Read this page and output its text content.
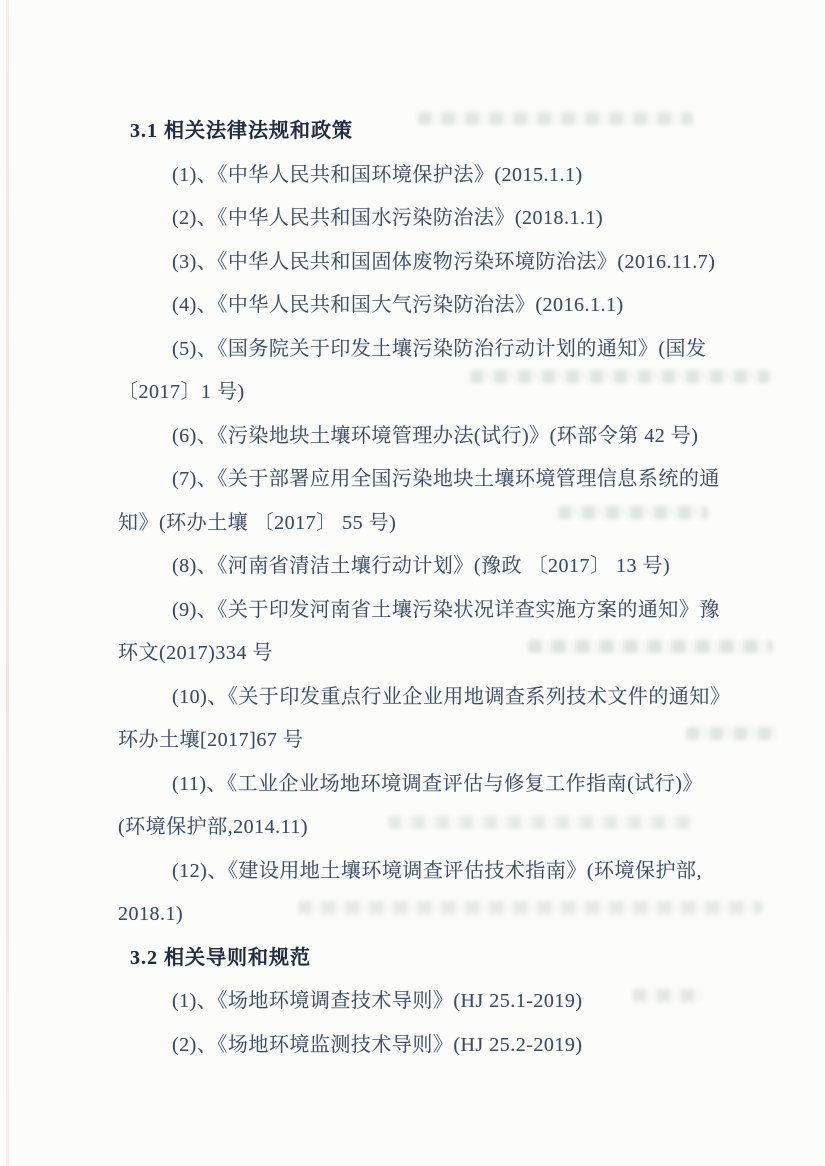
3.1 相关法律法规和政策
(1)、《中华人民共和国环境保护法》(2015.1.1)
(2)、《中华人民共和国水污染防治法》(2018.1.1)
(3)、《中华人民共和国固体废物污染环境防治法》(2016.11.7)
(4)、《中华人民共和国大气污染防治法》(2016.1.1)
(5)、《国务院关于印发土壤污染防治行动计划的通知》(国发
〔2017〕1 号)
(6)、《污染地块土壤环境管理办法(试行)》(环部令第 42 号)
(7)、《关于部署应用全国污染地块土壤环境管理信息系统的通
知》(环办土壤 〔2017〕 55 号)
(8)、《河南省清洁土壤行动计划》(豫政 〔2017〕 13 号)
(9)、《关于印发河南省土壤污染状况详查实施方案的通知》豫
环文(2017)334 号
(10)、《关于印发重点行业企业用地调查系列技术文件的通知》
环办土壤[2017]67 号
(11)、《工业企业场地环境调查评估与修复工作指南(试行)》
(环境保护部,2014.11)
(12)、《建设用地土壤环境调查评估技术指南》(环境保护部,
2018.1)
3.2 相关导则和规范
(1)、《场地环境调查技术导则》(HJ 25.1-2019)
(2)、《场地环境监测技术导则》(HJ 25.2-2019)
